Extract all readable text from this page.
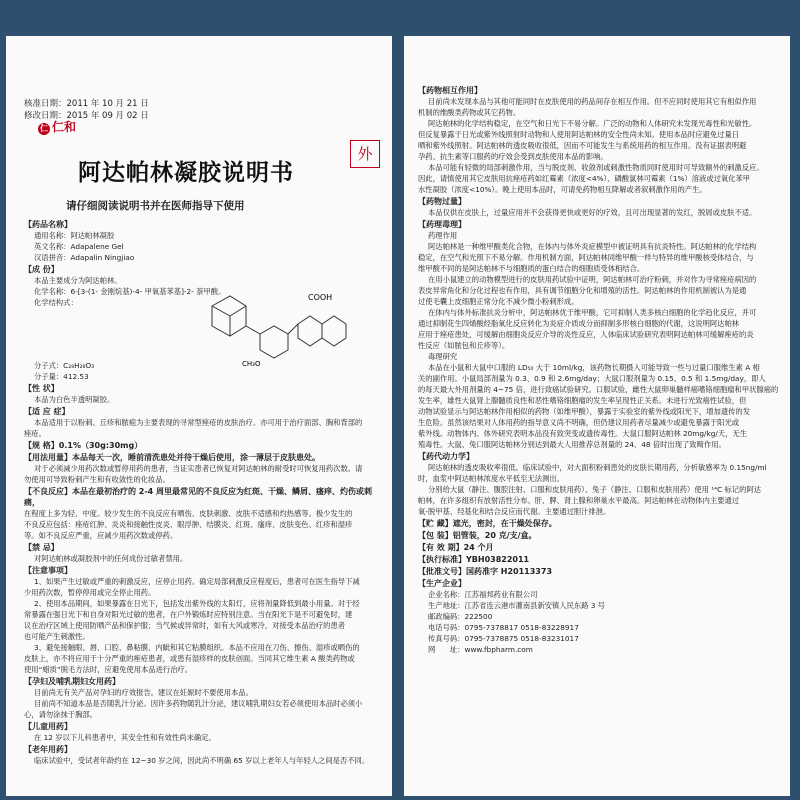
核准日期：2011 年 10 月 21 日
修改日期：2015 年 09 月 02 日
仁 仁和
阿达帕林凝胶说明书
外
请仔细阅读说明书并在医师指导下使用
【药品名称】
通用名称：阿达帕林凝胶
英文名称：Adapalene Gel
汉语拼音：Adapalin Ningjiao
【成 份】
本品主要成分为阿达帕林。
化学名称：6-[3-(1- 金刚烷基)-4- 甲氧基苯基]-2- 萘甲酸。
化学结构式：
分子式：C₂₈H₂₈O₃
分子量：412.53
【性 状】
本品为白色半透明凝胶。
【适 应 症】
本品适用于以粉刺、丘疹和脓疱为主要表现的寻常型痤疮的皮肤治疗。亦可用于治疗面部、胸和背部的
痤疮。
【规 格】0.1%（30g:30mg）
【用法用量】本品每天一次，睡前清洗患处并待干燥后使用，涂一薄层于皮肤患处。
对于必须减少用药次数或暂停用药的患者，当证实患者已恢复对阿达帕林的耐受时可恢复用药次数。请
勿使用可导致粉刺产生和有收敛性的化妆品。
【不良反应】本品在最初治疗的 2-4 周里最常见的不良反应为红斑、干燥、鳞屑、瘙痒、灼伤或刺痛，
在程度上多为轻、中度。较少发生的不良反应有晒伤、皮肤刺激、皮肤不适感和灼热感等。极少发生的
不良反应包括：痤疮红肿、炎炎和接触性皮炎、眼浮肿、结膜炎、红斑、瘙痒、皮肤变色、红疹和湿疹
等。如不良反应严重，应减少用药次数或停药。
【禁 忌】
对阿达帕林或凝胶剂中的任何成份过敏者禁用。
【注意事项】
1、如果产生过敏或严重的刺激反应，应停止用药。确定局部刺激反应程度后，患者可在医生指导下减
少用药次数，暂停停用或完全停止用药。
2、使用本品期间，如果暴露在日光下，包括发出紫外线的太阳灯，应将剂量降低到最小用量。对于经
常暴露在强日光下和自身对阳光过敏的患者，在户外锻炼时应特别注意。当在阳光下是不可避免时，建
议在治疗区域上使用防晒产品和保护服；当气候或异常时，如有大风或寒冷，对接受本品治疗的患者
也可能产生刺激性。
3、避免接触眼、唇、口腔、鼻粘膜、内眦和其它粘膜组织。本品不应用在刀伤、擦伤、湿疹或晒伤的
皮肤上，亦不将应用于十分严重的痤疮患者，或患有湿疹样的皮肤创面。当同其它维生素 A 酸类药物或
使用“蜡质”脱毛方法时，应避免使用本品进行治疗。
【孕妇及哺乳期妇女用药】
目前尚无有关产品对孕妇的疗效报告。建议在妊娠时不要使用本品。
目前尚不知道本品是否随乳汁分泌。因许多药物随乳汁分泌，建议哺乳期妇女若必须使用本品时必须小
心，请勿涂抹于胸部。
【儿童用药】
在 12 岁以下儿科患者中，其安全性和有效性尚未确定。
【老年用药】
临床试验中，受试者年龄约在 12~30 岁之间，因此尚不明确 65 岁以上老年人与年轻人之间是否不同。
COOH
CH₃O
【药物相互作用】
目前尚未发现本品与其他可能同时在皮肤使用的药品间存在相互作用。但不应同时使用其它有相似作用
机制的维酸类药物或其它药物。
阿达帕林的化学结构稳定，在空气和日光下不易分解。广泛的动物和人体研究未发现光毒性和光敏性。
但反复暴露于日光或紫外线照射时动物和人使用阿达帕林的安全性尚未知。使用本品时应避免过量日
晒和紫外线照射。阿达帕林的透皮吸收很低，因而不可能发生与系统用药的相互作用。没有证据表明避
孕药、抗生素等口服药的疗效会受到皮肤使用本品的影响。
本品可能有轻微的局部刺激作用，当与脱皮剂、收敛剂或刺激性物质同时使用时可导致额外的刺激反应。
因此，请慎使用其它皮肤用抗痤疮药如红霉素（浓度<4%）、磷酸氯林可霉素（1%）溶液或过氧化苯甲
水性凝胶（浓度<10%）。晚上使用本品时，可请免药物相互降解或者叙刺激作用的产生。
【药物过量】
本品仅供在皮肤上，过量应用并不会获得更快或更好的疗效，且可出现显著的发红，脱屑或皮肤不适。
【药理毒理】
药理作用
阿达帕林是一种维甲酸类化合物，在体内与体外炎症模型中被证明具有抗炎特性。阿达帕林的化学结构
稳定，在空气和光照下不易分解。作用机制方面，阿达帕林同维甲酸一样与特异的维甲酸核受体结合，与
维甲酸不同的是阿达帕林不与细胞质的蛋白结合的细胞质受体相结合。
在用小鼠建立的动物模型进行的皮肤用药试验中证明，阿达帕林可治疗粉刺，并对作为寻常痤疮病因的
表皮异常角化和分化过程也有作用，具有调节细胞分化和增殖的活性。阿达帕林的作用机制被认为是通
过使毛囊上皮细胞正常分化不减少微小粉刺形成。
在体内与体外标准抗炎分析中，阿达帕林优于维甲酸，它可抑制人类多核白细胞的化学趋化反应，并可
通过抑制花生四烯酸经脂氧化反应转化为炎症介质成分而抑制多形核白细胞的代谢，这说明阿达帕林
应用于痤疮患处，可缓解由细胞炎反应介导的炎性反应，人体临床试验研究表明阿达帕林可缓解痤疮的炎
性反应（如脓包和丘疹等）。
毒理研究
本品在小鼠和大鼠中口服的 LD₅₀ 大于 10ml/kg，该药物长期摄入可能导致一些与过量口服维生素 A 相
关的副作用。小鼠局部剂量为 0.3、0.9 和 2.6mg/day；大鼠口服剂量为 0.15、0.5 和 1.5mg/day，即人
的每天最大外用剂量的 4~75 倍，进行致癌试验研究。口服试验，雌性大鼠卵巢髓样癌嗜铬细胞瘤和甲状腺癌的
发生率，雄性大鼠肾上腺髓质良性和恶性嗜铬细胞瘤的发生率呈现性正关系。未进行光致癌性试验，但
动物试验显示与阿达帕林作用相似的药物（如维甲酸），暴露于实验室的紫外线或阳光下，增加遗传的发
生危险。虽然该结果对人体用药的指导意义尚不明确，但仍建议用药者尽量减少或避免暴露于阳光或
紫外线。动物体内、体外研究表明本品没有致突变或遗传毒性。大鼠口服阿达帕林 20mg/kg/天，无生
殖毒性。大鼠、兔口服阿达帕林分别达到最大人用推荐总剂量的 24、48 倍时出现了致畸作用。
【药代动力学】
阿达帕林的透皮吸收率很低。临床试验中，对大面积粉刺患处的皮肤长期用药，分析敏感率为 0.15ng/ml
时，血浆中阿达帕林浓度水平低至无法测出。
分别给大鼠（静注、腹腔注射、口服和皮肤用药）、兔子（静注、口服和皮肤用药）使用 ¹⁴C 标记的阿达
帕林，在许多组织有放射活性分布。肝、脾、肾上腺和卵巢水平最高。阿达帕林在动物体内主要通过
氧-脱甲基、羟基化和结合反应而代谢。主要通过胆汁排泄。
【贮 藏】遮光，密封，在干燥处保存。
【包 装】铝管装，20 克/支/盒。
【有 效 期】24 个月
【执行标准】YBH03822011
【批准文号】国药准字 H20113373
【生产企业】
企业名称：江苏福邦药业有限公司
生产地址：江苏省连云港市灌南县新安镇人民东路 3 号
邮政编码：222500
电话号码：0795-7378817 0518-83228917
传真号码：0795-7378875 0518-83231017
网　　址：www.fbpharm.com
